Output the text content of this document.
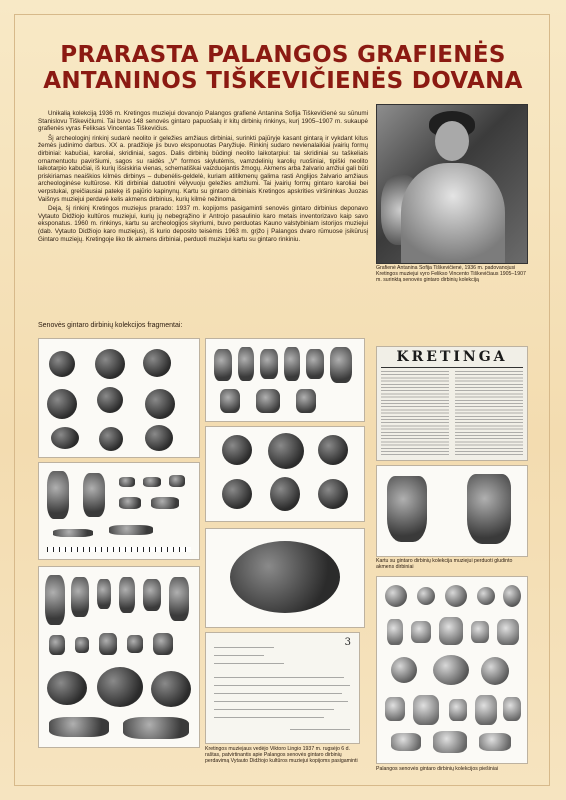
PRARASTA PALANGOS GRAFIENĖS
ANTANINOS TIŠKEVIČIENĖS DOVANA

Unikalią kolekciją 1936 m. Kretingos muziejui dovanojo Palangos grafienė Antanina Sofija Tiškevičienė su sūnumi Stanislovu Tiškevičiumi. Tai buvo 148 senovės gintaro papuošalų ir kitų dirbinių rinkinys, kurį 1905–1907 m. sukaupė grafienės vyras Feliksas Vincentas Tiškevičius.

Šį archeologinį rinkinį sudarė neolito ir geležies amžiaus dirbiniai, surinkti pajūryje kasant gintarą ir vykdant kitus žemės judinimo darbus. XX a. pradžioje jis buvo eksponuotas Paryžiuje. Rinkinį sudaro nevienalaikiai įvairių formų dirbiniai: kabučiai, karoliai, skridiniai, sagos. Dalis dirbinių būdingi neolito laikotarpiui: tai skridiniai su taškeliais ornamentuotu paviršiumi, sagos su raidės „V“ formos skylutėmis, vamzdelinių karolių ruošiniai, tipiški neolito laikotarpio kabučiai, iš kurių išsiskiria vienas, schematiškai vaizduojantis žmogų. Akmens arba žalvario amžiui gali būti priskiriamas neaiškios kilmės dirbinys – dubenėlis-geldelė, kuriam atitikmenų galima rasti Anglijos žalvario amžiaus archeologinėse kultūrose. Kiti dirbiniai datuotini vėlyvuoju geležies amžiumi. Tai įvairių formų gintaro karoliai bei verpstukai, greičiausiai patekę iš pajūrio kapinynų. Kartu su gintaro dirbiniais Kretingos apskrities viršininkas Juozas Vaišnys muziejui perdavė kelis akmens dirbinius, kurių kilmė nežinoma.

Deja, šį rinkinį Kretingos muziejus prarado: 1937 m. kopijoms pasigaminti senovės gintaro dirbinius deponavo Vytauto Didžiojo kultūros muziejui, kurių jų nebegrąžino ir Antrojo pasaulinio karo metais inventorizavo kaip savo eksponatus. 1960 m. rinkinys, kartu su archeologijos skyriumi, buvo perduotas Kauno valstybiniam istorijos muziejui (dab. Vytauto Didžiojo karo muziejus), iš kurio deposito teisėmis 1963 m. grįžo į Palangos dvaro rūmuose įsikūrusį Gintaro muziejų. Kretingoje liko tik akmens dirbiniai, perduoti muziejui kartu su gintaro rinkiniu.

Grafienė Antanina Sofija Tiškevičienė, 1936 m. padovanojusi Kretingos muziejui vyro Felikso Vincento Tiškevičiaus 1905–1907 m. surinktą senovės gintaro dirbinių kolekciją
Senovės gintaro dirbinių kolekcijos fragmentai:
3
Kretingos muziejaus vedėjo Viktoro Lingio 1937 m. rugsėjo 6 d. raštas, patvirtinantis apie Palangos senovės gintaro dirbinių perdavimą Vytauto Didžiojo kultūros muziejui kopijoms pasigaminti
KRETINGA
Kartu su gintaro dirbinių kolekcija muziejui perduoti gludinto akmens dirbiniai
Palangos senovės gintaro dirbinių kolekcijos piešiniai
